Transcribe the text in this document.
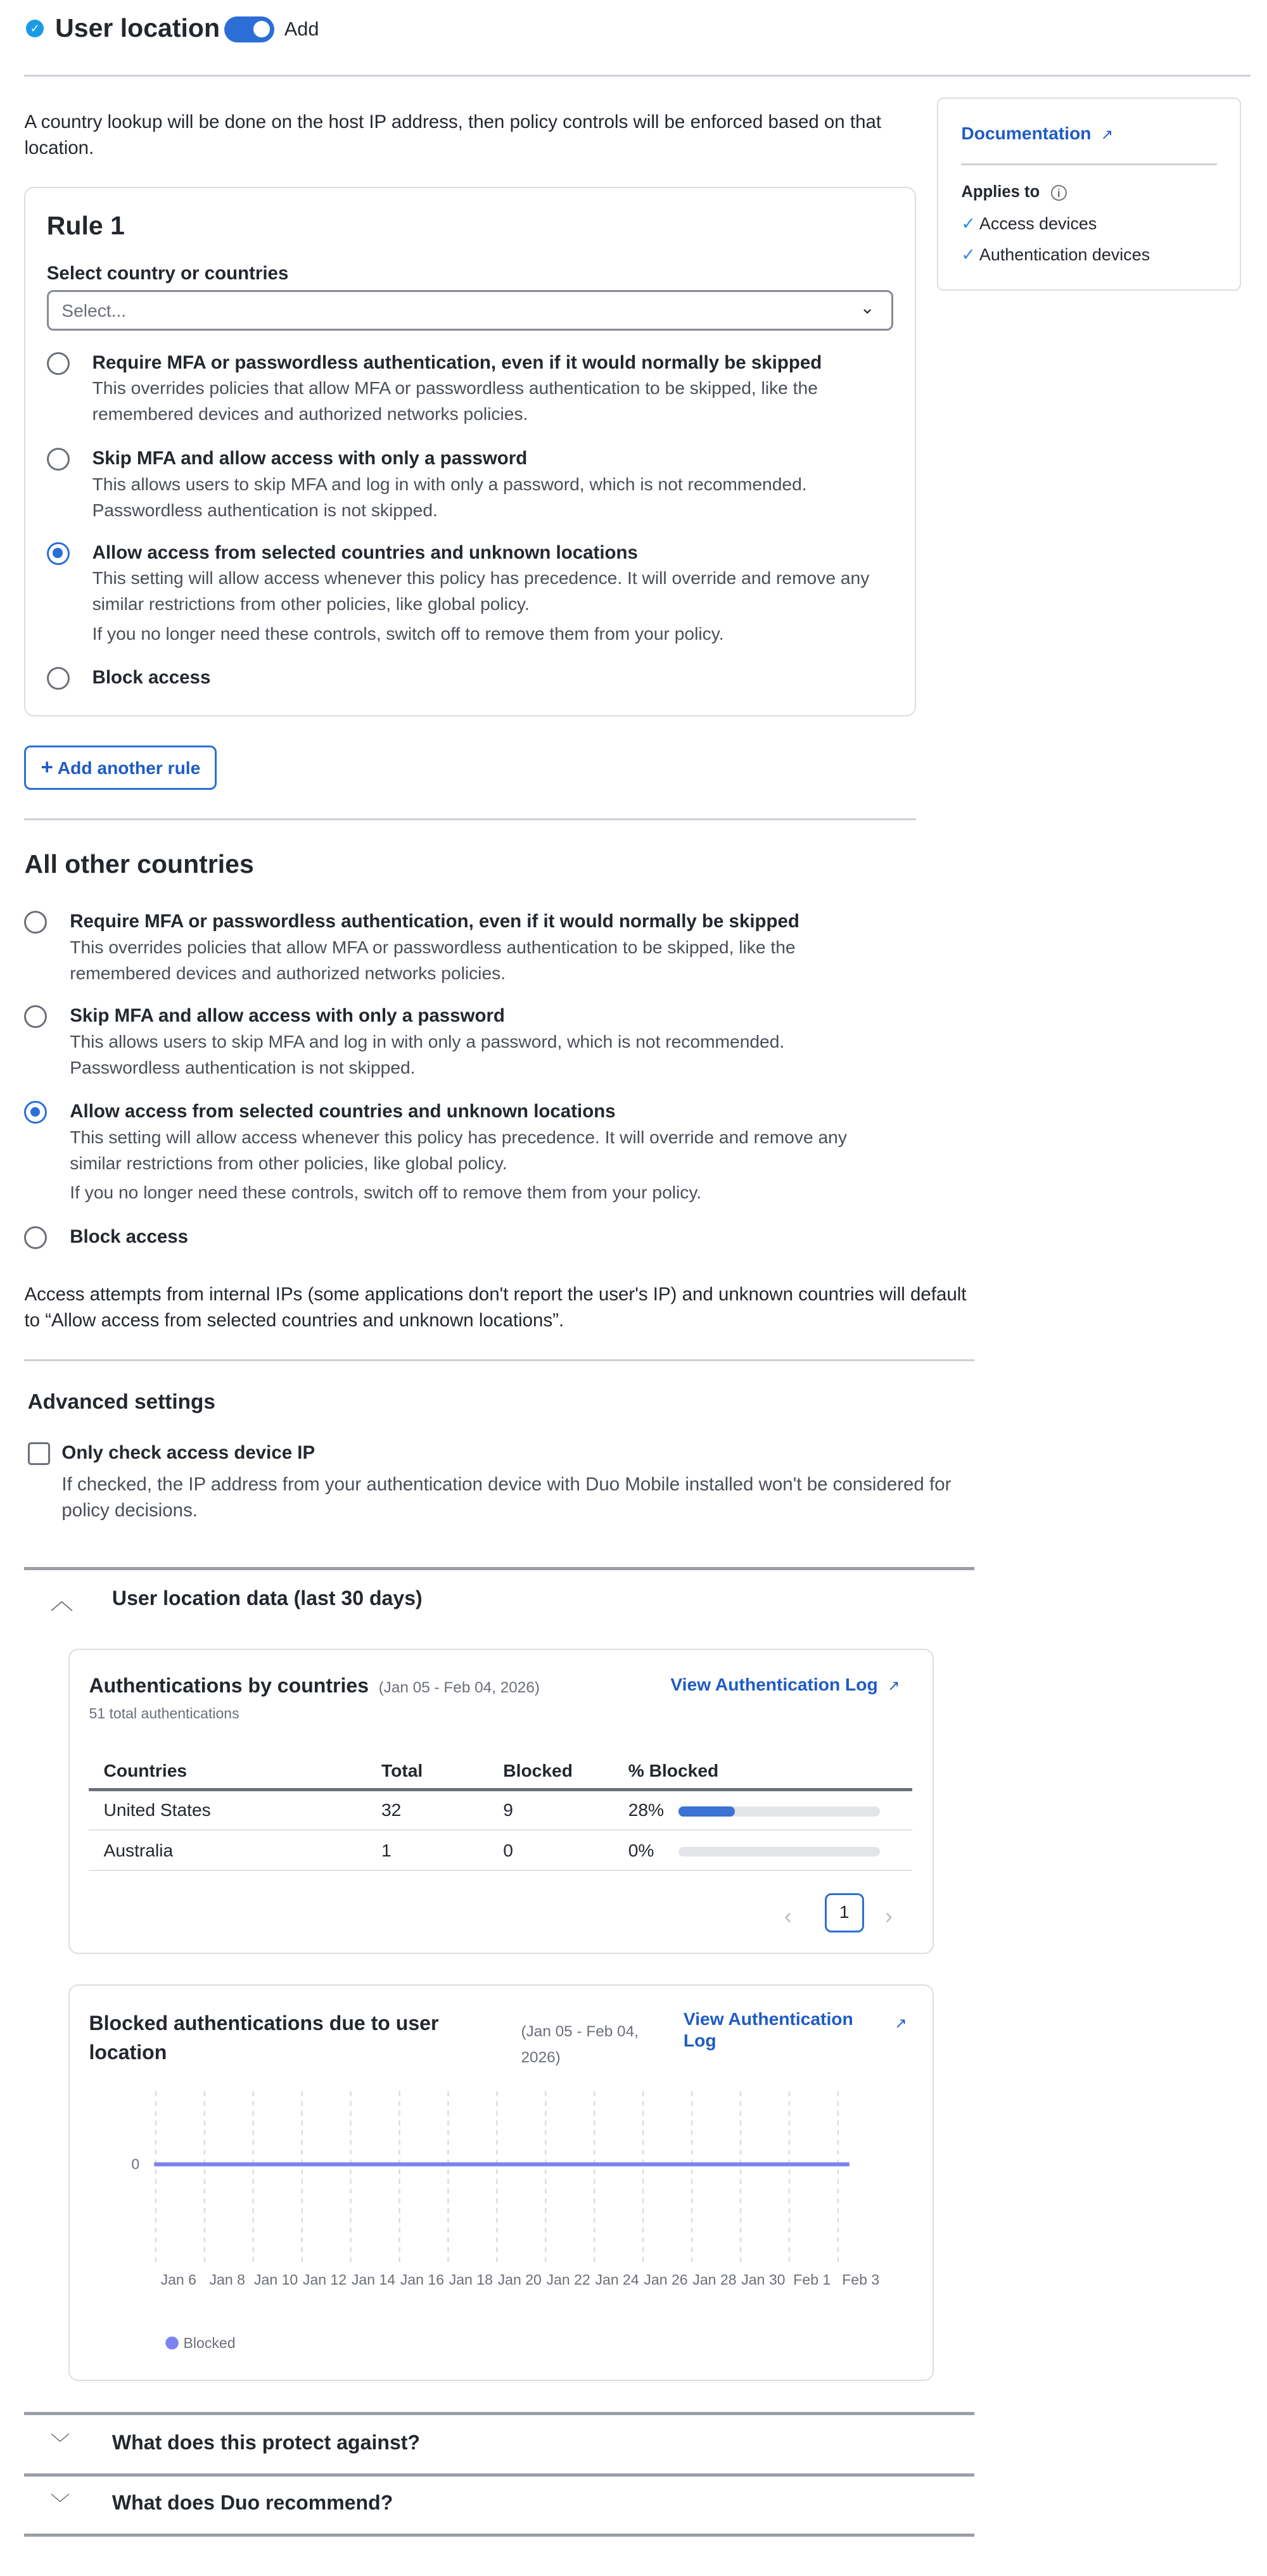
✓	User location	Add
A country lookup will be done on the host IP address, then policy controls will be enforced based on that location.
Documentation ↗
Applies to	i
✓ Access devices
✓ Authentication devices
Rule 1
Select country or countries
Select...	⌄
Require MFA or passwordless authentication, even if it would normally be skipped
This overrides policies that allow MFA or passwordless authentication to be skipped, like the remembered devices and authorized networks policies.
Skip MFA and allow access with only a password
This allows users to skip MFA and log in with only a password, which is not recommended. Passwordless authentication is not skipped.
Allow access from selected countries and unknown locations
This setting will allow access whenever this policy has precedence. It will override and remove any similar restrictions from other policies, like global policy.
If you no longer need these controls, switch off to remove them from your policy.
Block access
+ Add another rule
All other countries
Require MFA or passwordless authentication, even if it would normally be skipped
This overrides policies that allow MFA or passwordless authentication to be skipped, like the remembered devices and authorized networks policies.
Skip MFA and allow access with only a password
This allows users to skip MFA and log in with only a password, which is not recommended. Passwordless authentication is not skipped.
Allow access from selected countries and unknown locations
This setting will allow access whenever this policy has precedence. It will override and remove any similar restrictions from other policies, like global policy.
If you no longer need these controls, switch off to remove them from your policy.
Block access
Access attempts from internal IPs (some applications don't report the user's IP) and unknown countries will default to “Allow access from selected countries and unknown locations”.
Advanced settings
Only check access device IP
If checked, the IP address from your authentication device with Duo Mobile installed won't be considered for policy decisions.
︿	User location data (last 30 days)
Authentications by countries (Jan 05 - Feb 04, 2026)	View Authentication Log ↗
51 total authentications
Countries	Total	Blocked	% Blocked
United States	32	9	28%

Australia	1	0	0%
‹	1	›
Blocked authentications due to user location
(Jan 05 - Feb 04, 2026)
View Authentication Log
↗
Jan 6 Jan 8 Jan 10 Jan 12 Jan 14 Jan 16 Jan 18 Jan 20 Jan 22 Jan 24 Jan 26 Jan 28 Jan 30 Feb 1 Feb 3
0
Blocked
﹀	What does this protect against?
﹀	What does Duo recommend?
